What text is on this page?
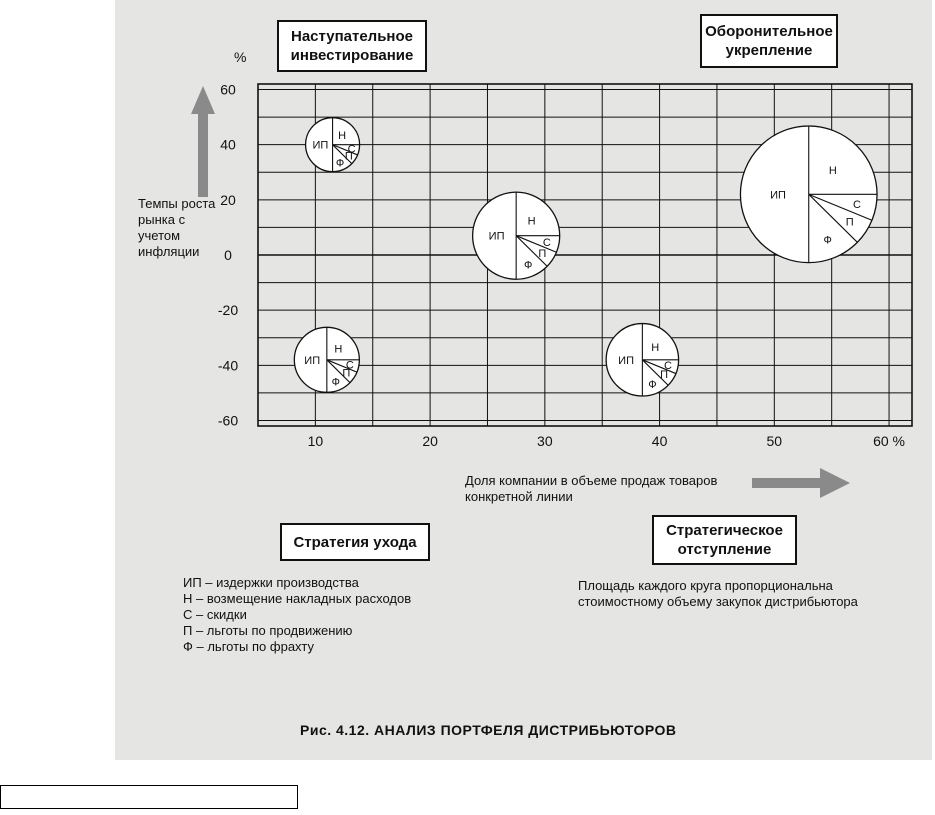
60
40
20
0
-20
-40
-60
10	20	30	40	50	60 %
Н
С
П
Ф
ИП
Н
С
П
Ф
ИП
Н
С
П
Ф
ИП
Н
С
П
Ф
ИП
Н
С
П
Ф
ИП
%
Наступательное инвестирование
Оборонительное укрепление
Стратегия ухода
Стратегическое отступление
Темпы роста рынка с учетом инфляции
Доля компании в объеме продаж товаров конкретной линии
ИП – издержки производства
Н – возмещение накладных расходов
С – скидки
П – льготы по продвижению
Ф – льготы по фрахту
Площадь каждого круга пропорциональна стоимостному объему закупок дистрибьютора
Рис. 4.12. АНАЛИЗ ПОРТФЕЛЯ ДИСТРИБЬЮТОРОВ
